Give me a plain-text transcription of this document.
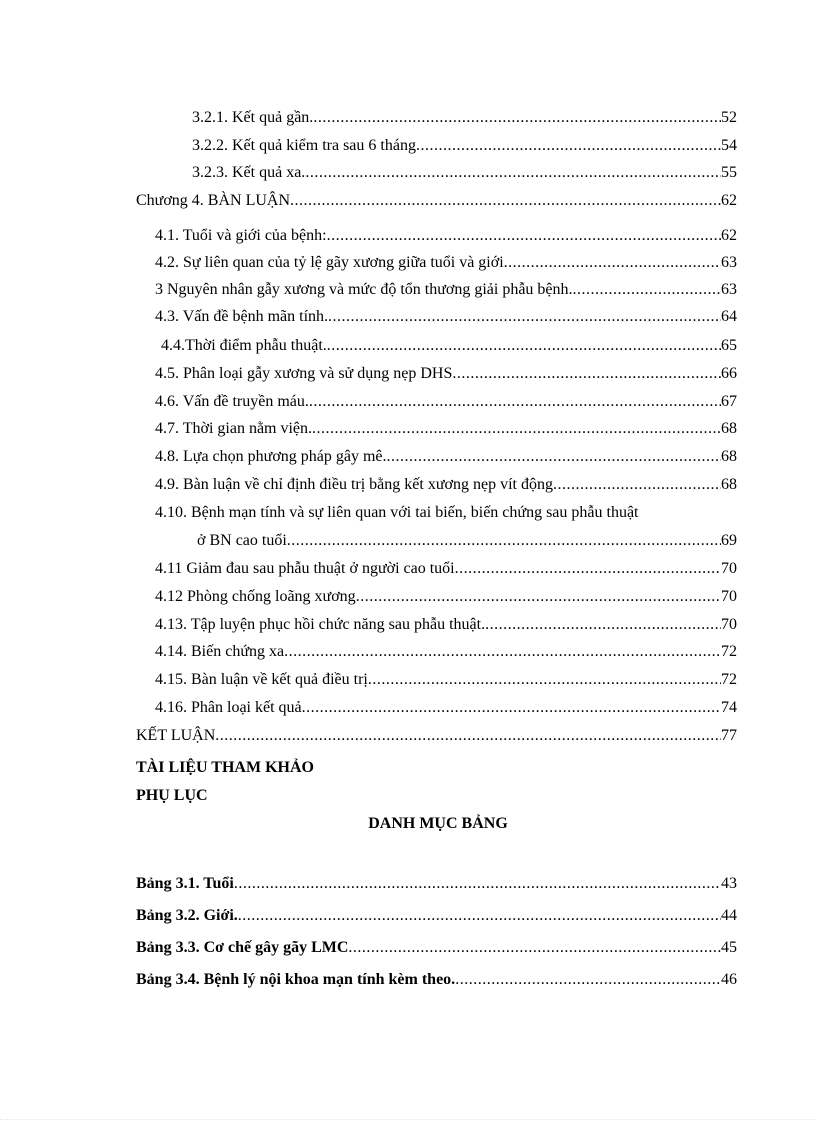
3.2.1. Kết quả gần. .....	52
3.2.2. Kết quả kiểm tra sau 6 tháng .....	54
3.2.3. Kết quả xa. .....	55
Chương 4. BÀN LUẬN .....	62
4.1. Tuổi và giới của bệnh: .....	62
4.2. Sự liên quan của tỷ lệ gãy xương giữa tuổi và giới .....	63
3 Nguyên nhân gẫy xương và mức độ tổn thương giải phẫu bệnh. .....	63
4.3. Vấn đề bệnh mãn tính. .....	64
4.4.Thời điểm phẫu thuật. .....	65
4.5. Phân loại gẫy xương và sử dụng nẹp DHS .....	66
4.6. Vấn đề truyền máu. .....	67
4.7. Thời gian nằm viện. .....	68
4.8. Lựa chọn phương pháp gây mê. .....	68
4.9. Bàn luận về chỉ định điều trị bằng kết xương nẹp vít động .....	68
4.10. Bệnh mạn tính và sự liên quan với tai biến, biến chứng sau phẫu thuật
ở BN cao tuổi .....	69
4.11 Giảm đau sau phẫu thuật ở người cao tuổi .....	70
4.12 Phòng chống loãng xương .....	70
4.13. Tập luyện phục hồi chức năng sau phẫu thuật. .....	70
4.14. Biến chứng xa .....	72
4.15. Bàn luận về kết quả điều trị .....	72
4.16. Phân loại kết quả .....	74
KẾT LUẬN .....	77
TÀI LIỆU THAM KHẢO
PHỤ LỤC
DANH MỤC BẢNG
Bảng 3.1. Tuổi .....	43
Bảng 3.2. Giới. .....	44
Bảng 3.3. Cơ chế gây gãy LMC .....	45
Bảng 3.4. Bệnh lý nội khoa mạn tính kèm theo. .....	46
